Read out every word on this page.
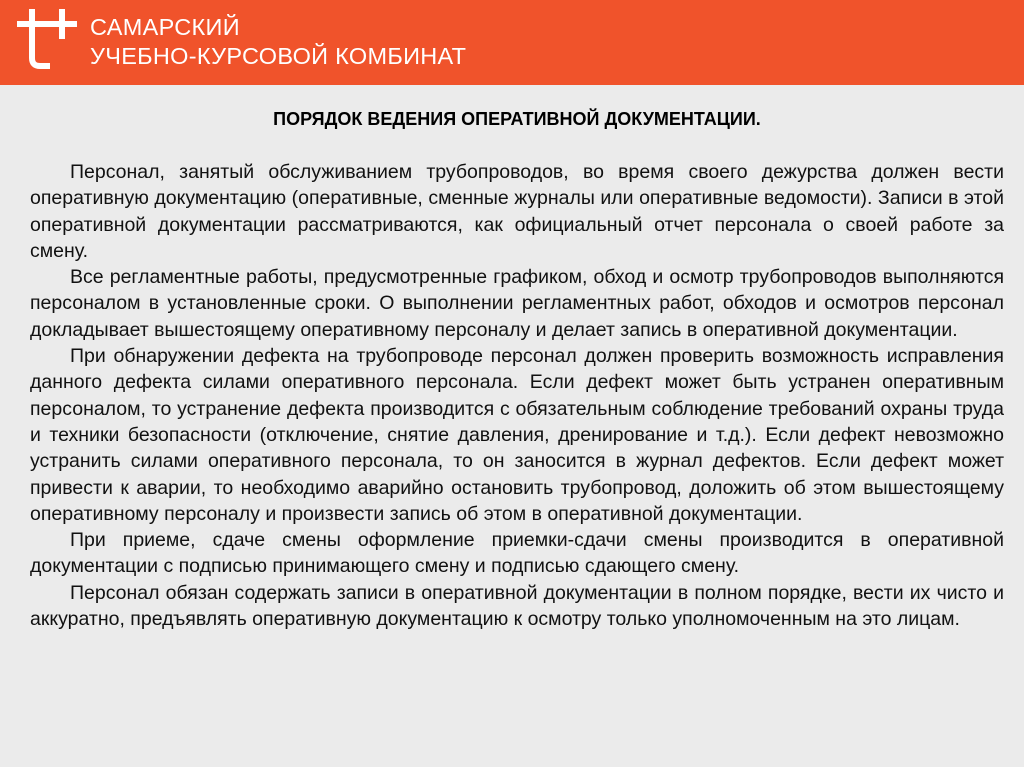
САМАРСКИЙ
УЧЕБНО-КУРСОВОЙ КОМБИНАТ
ПОРЯДОК ВЕДЕНИЯ ОПЕРАТИВНОЙ ДОКУМЕНТАЦИИ.

Персонал, занятый обслуживанием трубопроводов, во время своего дежурства должен вести оперативную документацию (оперативные, сменные журналы или оперативные ведомости). Записи в этой оперативной документации рассматриваются, как официальный отчет персонала о своей работе за смену.

Все регламентные работы, предусмотренные графиком, обход и осмотр трубопроводов выполняются персоналом в установленные сроки. О выполнении регламентных работ, обходов и осмотров персонал докладывает вышестоящему оперативному персоналу и делает запись в оперативной документации.

При обнаружении дефекта на трубопроводе персонал должен проверить возможность исправления данного дефекта силами оперативного персонала. Если дефект может быть устранен оперативным персоналом, то устранение дефекта производится с обязательным соблюдение требований охраны труда и техники безопасности (отключение, снятие давления, дренирование и т.д.). Если дефект невозможно устранить силами оперативного персонала, то он заносится в журнал дефектов. Если дефект может привести к аварии, то необходимо аварийно остановить трубопровод, доложить об этом вышестоящему оперативному персоналу и произвести запись об этом в оперативной документации.

При приеме, сдаче смены оформление приемки-сдачи смены производится в оперативной документации с подписью принимающего смену и подписью сдающего смену.

Персонал обязан содержать записи в оперативной документации в полном порядке, вести их чисто и аккуратно, предъявлять оперативную документацию к осмотру только уполномоченным на это лицам.
